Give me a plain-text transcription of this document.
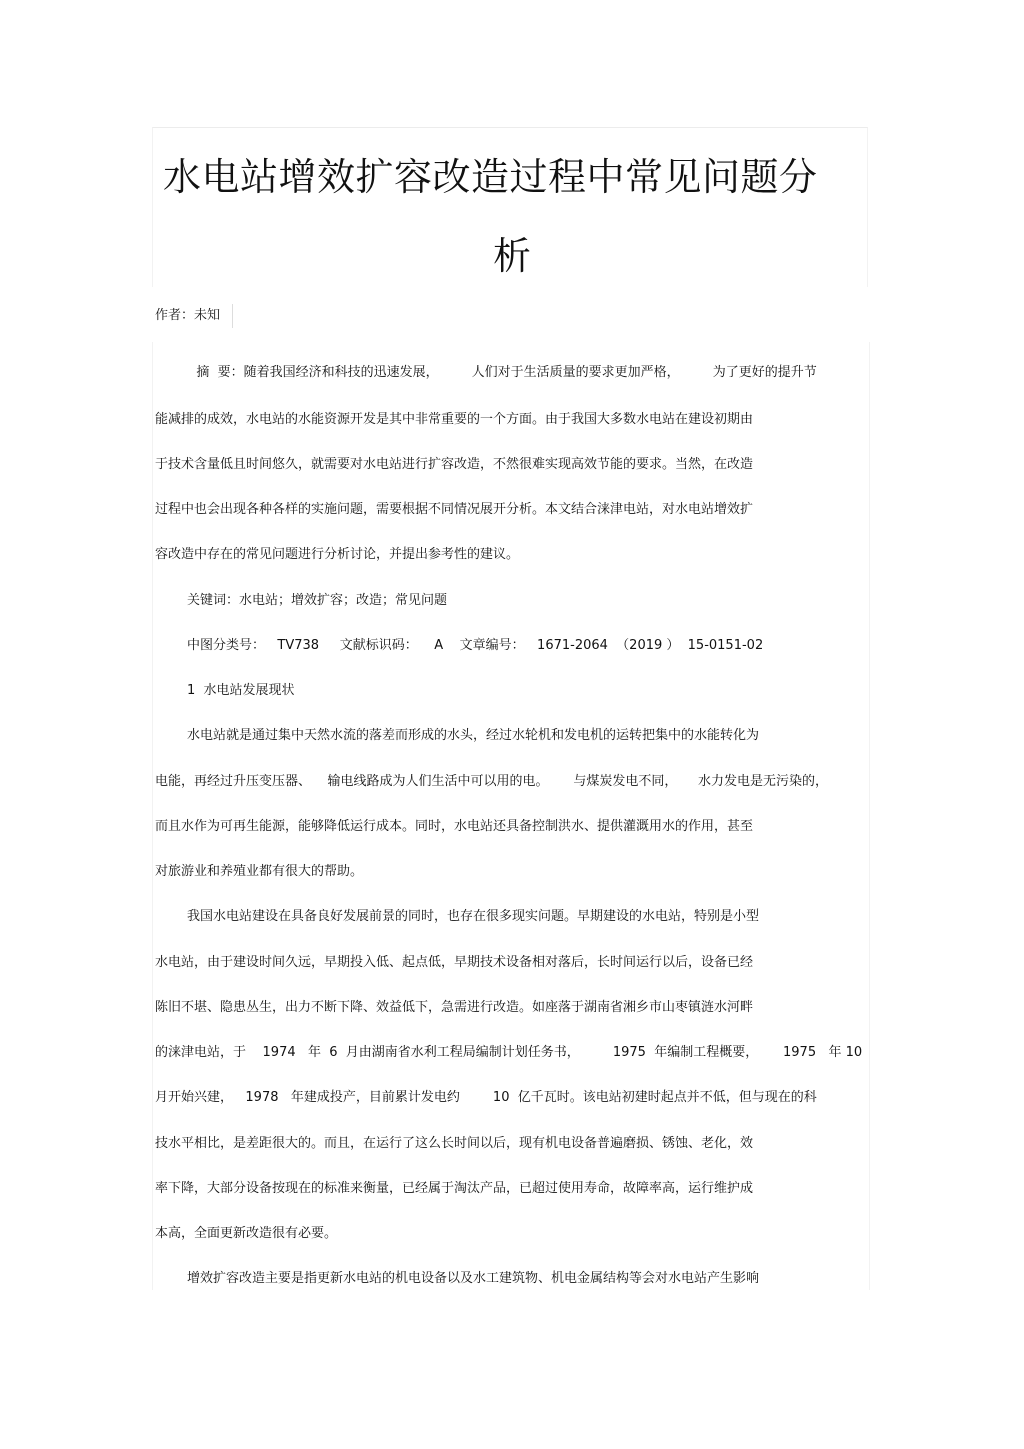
水电站增效扩容改造过程中常见问题分
析
作者：未知
摘  要：随着我国经济和科技的迅速发展，        人们对于生活质量的要求更加严格，        为了更好的提升节
能减排的成效，水电站的水能资源开发是其中非常重要的一个方面。由于我国大多数水电站在建设初期由
于技术含量低且时间悠久，就需要对水电站进行扩容改造，不然很难实现高效节能的要求。当然，在改造
过程中也会出现各种各样的实施问题，需要根据不同情况展开分析。本文结合涞津电站，对水电站增效扩
容改造中存在的常见问题进行分析讨论，并提出参考性的建议。
关键词：水电站；增效扩容；改造；常见问题
中图分类号：   TV738     文献标识码：    A    文章编号：   1671-2064  （2019 ）  15-0151-02
1  水电站发展现状
水电站就是通过集中天然水流的落差而形成的水头，经过水轮机和发电机的运转把集中的水能转化为
电能，再经过升压变压器、    输电线路成为人们生活中可以用的电。      与煤炭发电不同，     水力发电是无污染的，
而且水作为可再生能源，能够降低运行成本。同时，水电站还具备控制洪水、提供灌溉用水的作用，甚至
对旅游业和养殖业都有很大的帮助。
我国水电站建设在具备良好发展前景的同时，也存在很多现实问题。早期建设的水电站，特别是小型
水电站，由于建设时间久远，早期投入低、起点低，早期技术设备相对落后，长时间运行以后，设备已经
陈旧不堪、隐患丛生，出力不断下降、效益低下，急需进行改造。如座落于湖南省湘乡市山枣镇涟水河畔
的涞津电站，于    1974   年  6  月由湖南省水利工程局编制计划任务书，        1975  年编制工程概要，      1975   年 10
月开始兴建，   1978   年建成投产，目前累计发电约        10  亿千瓦时。该电站初建时起点并不低，但与现在的科
技水平相比，是差距很大的。而且，在运行了这么长时间以后，现有机电设备普遍磨损、锈蚀、老化，效
率下降，大部分设备按现在的标准来衡量，已经属于淘汰产品，已超过使用寿命，故障率高，运行维护成
本高，全面更新改造很有必要。
增效扩容改造主要是指更新水电站的机电设备以及水工建筑物、机电金属结构等会对水电站产生影响
